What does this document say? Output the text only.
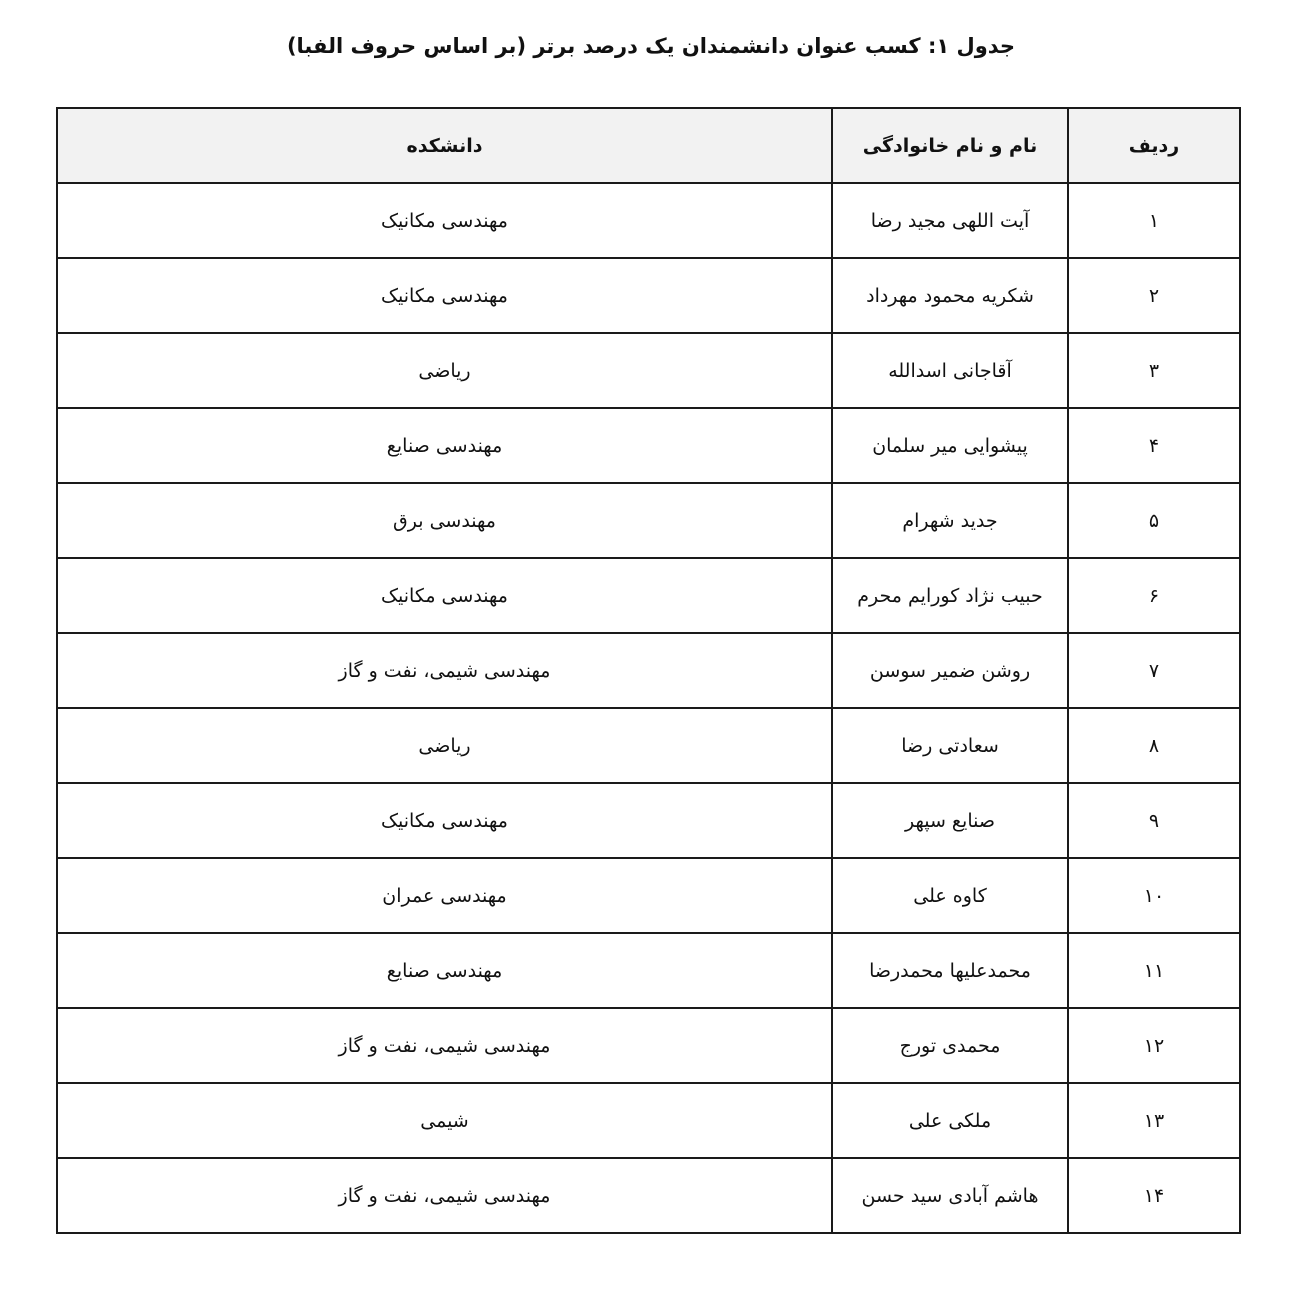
جدول ۱: کسب عنوان دانشمندان یک درصد برتر (بر اساس حروف الفبا)
ردیف	نام و نام خانوادگی	دانشکده
۱	آیت اللهی مجید رضا	مهندسی مکانیک
۲	شکریه محمود مهرداد	مهندسی مکانیک
۳	آقاجانی اسدالله	ریاضی
۴	پیشوایی میر سلمان	مهندسی صنایع
۵	جدید شهرام	مهندسی برق
۶	حبیب نژاد کورایم محرم	مهندسی مکانیک
۷	روشن ضمیر سوسن	مهندسی شیمی، نفت و گاز
۸	سعادتی رضا	ریاضی
۹	صنایع سپهر	مهندسی مکانیک
۱۰	کاوه علی	مهندسی عمران
۱۱	محمدعلیها محمدرضا	مهندسی صنایع
۱۲	محمدی تورج	مهندسی شیمی، نفت و گاز
۱۳	ملکی علی	شیمی
۱۴	هاشم آبادی سید حسن	مهندسی شیمی، نفت و گاز
